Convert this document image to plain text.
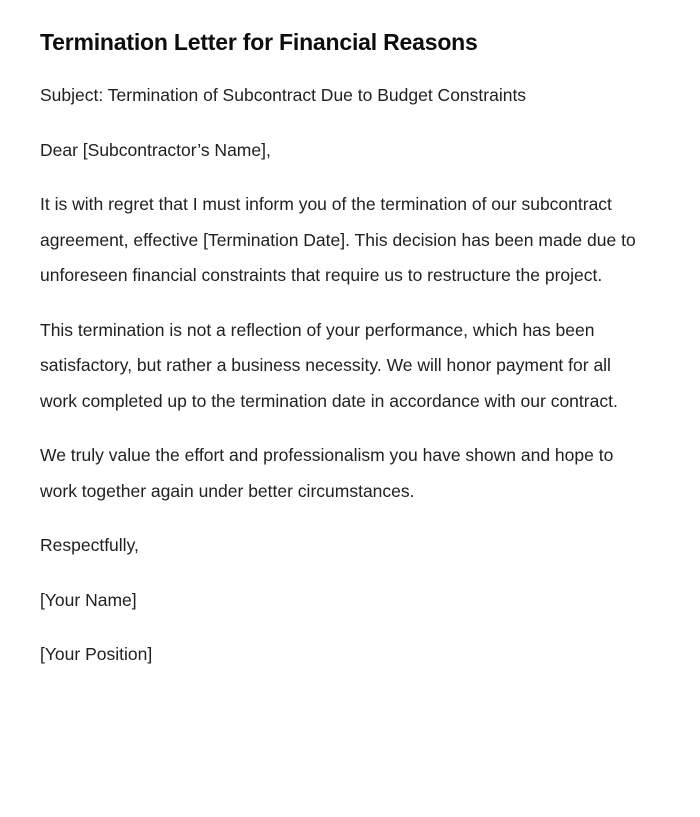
Termination Letter for Financial Reasons

Subject: Termination of Subcontract Due to Budget Constraints

Dear [Subcontractor’s Name],

It is with regret that I must inform you of the termination of our subcontract agreement, effective [Termination Date]. This decision has been made due to unforeseen financial constraints that require us to restructure the project.

This termination is not a reflection of your performance, which has been satisfactory, but rather a business necessity. We will honor payment for all work completed up to the termination date in accordance with our contract.

We truly value the effort and professionalism you have shown and hope to work together again under better circumstances.

Respectfully,

[Your Name]

[Your Position]
